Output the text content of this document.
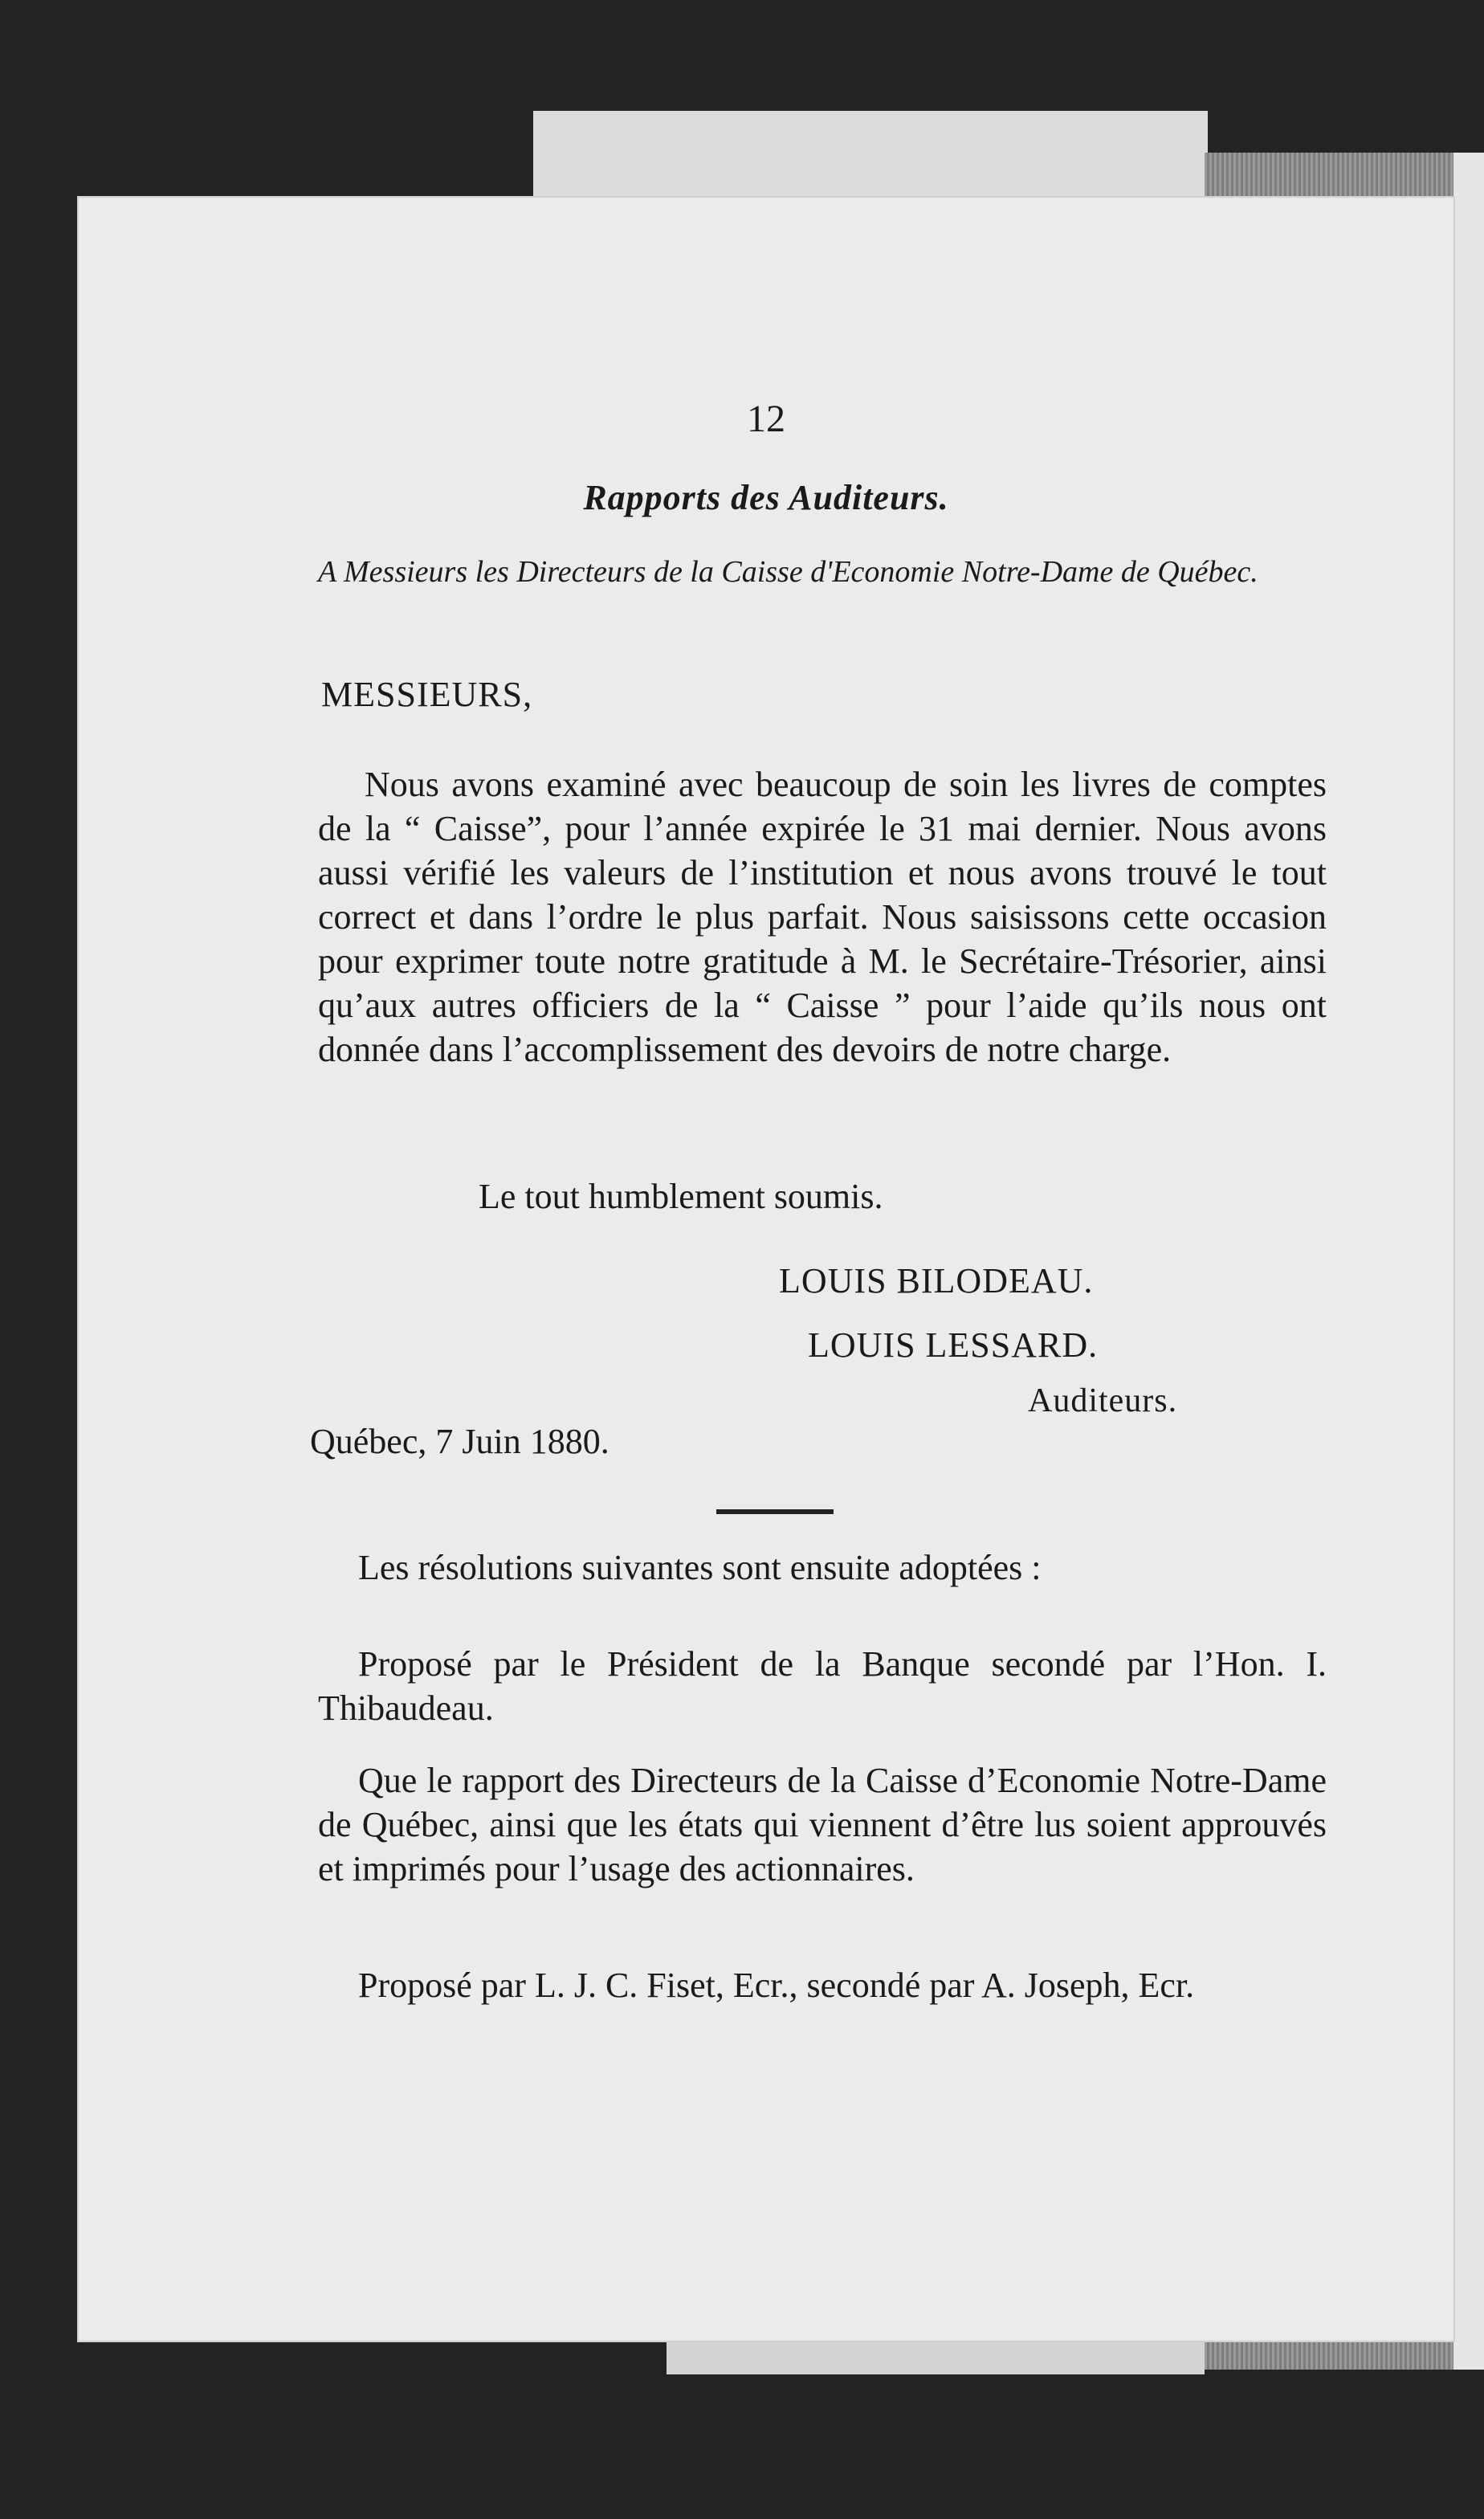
12
Rapports des Auditeurs.
A Messieurs les Directeurs de la Caisse d'Economie Notre-Dame de Québec.
MESSIEURS,
Nous avons examiné avec beaucoup de soin les livres de comptes de la “ Caisse”, pour l’année expirée le 31 mai dernier. Nous avons aussi vérifié les valeurs de l’institution et nous avons trouvé le tout correct et dans l’ordre le plus parfait. Nous saisissons cette occasion pour exprimer toute notre gratitude à M. le Secrétaire-Trésorier, ainsi qu’aux autres officiers de la “ Caisse ” pour l’aide qu’ils nous ont donnée dans l’accomplissement des devoirs de notre charge.
Le tout humblement soumis.
LOUIS BILODEAU.
LOUIS LESSARD.
Auditeurs.
Québec, 7 Juin 1880.
Les résolutions suivantes sont ensuite adoptées :
Proposé par le Président de la Banque secondé par l’Hon. I. Thibaudeau.
Que le rapport des Directeurs de la Caisse d’Economie Notre-Dame de Québec, ainsi que les états qui viennent d’être lus soient approuvés et imprimés pour l’usage des actionnaires.
Proposé par L. J. C. Fiset, Ecr., secondé par A. Joseph, Ecr.
